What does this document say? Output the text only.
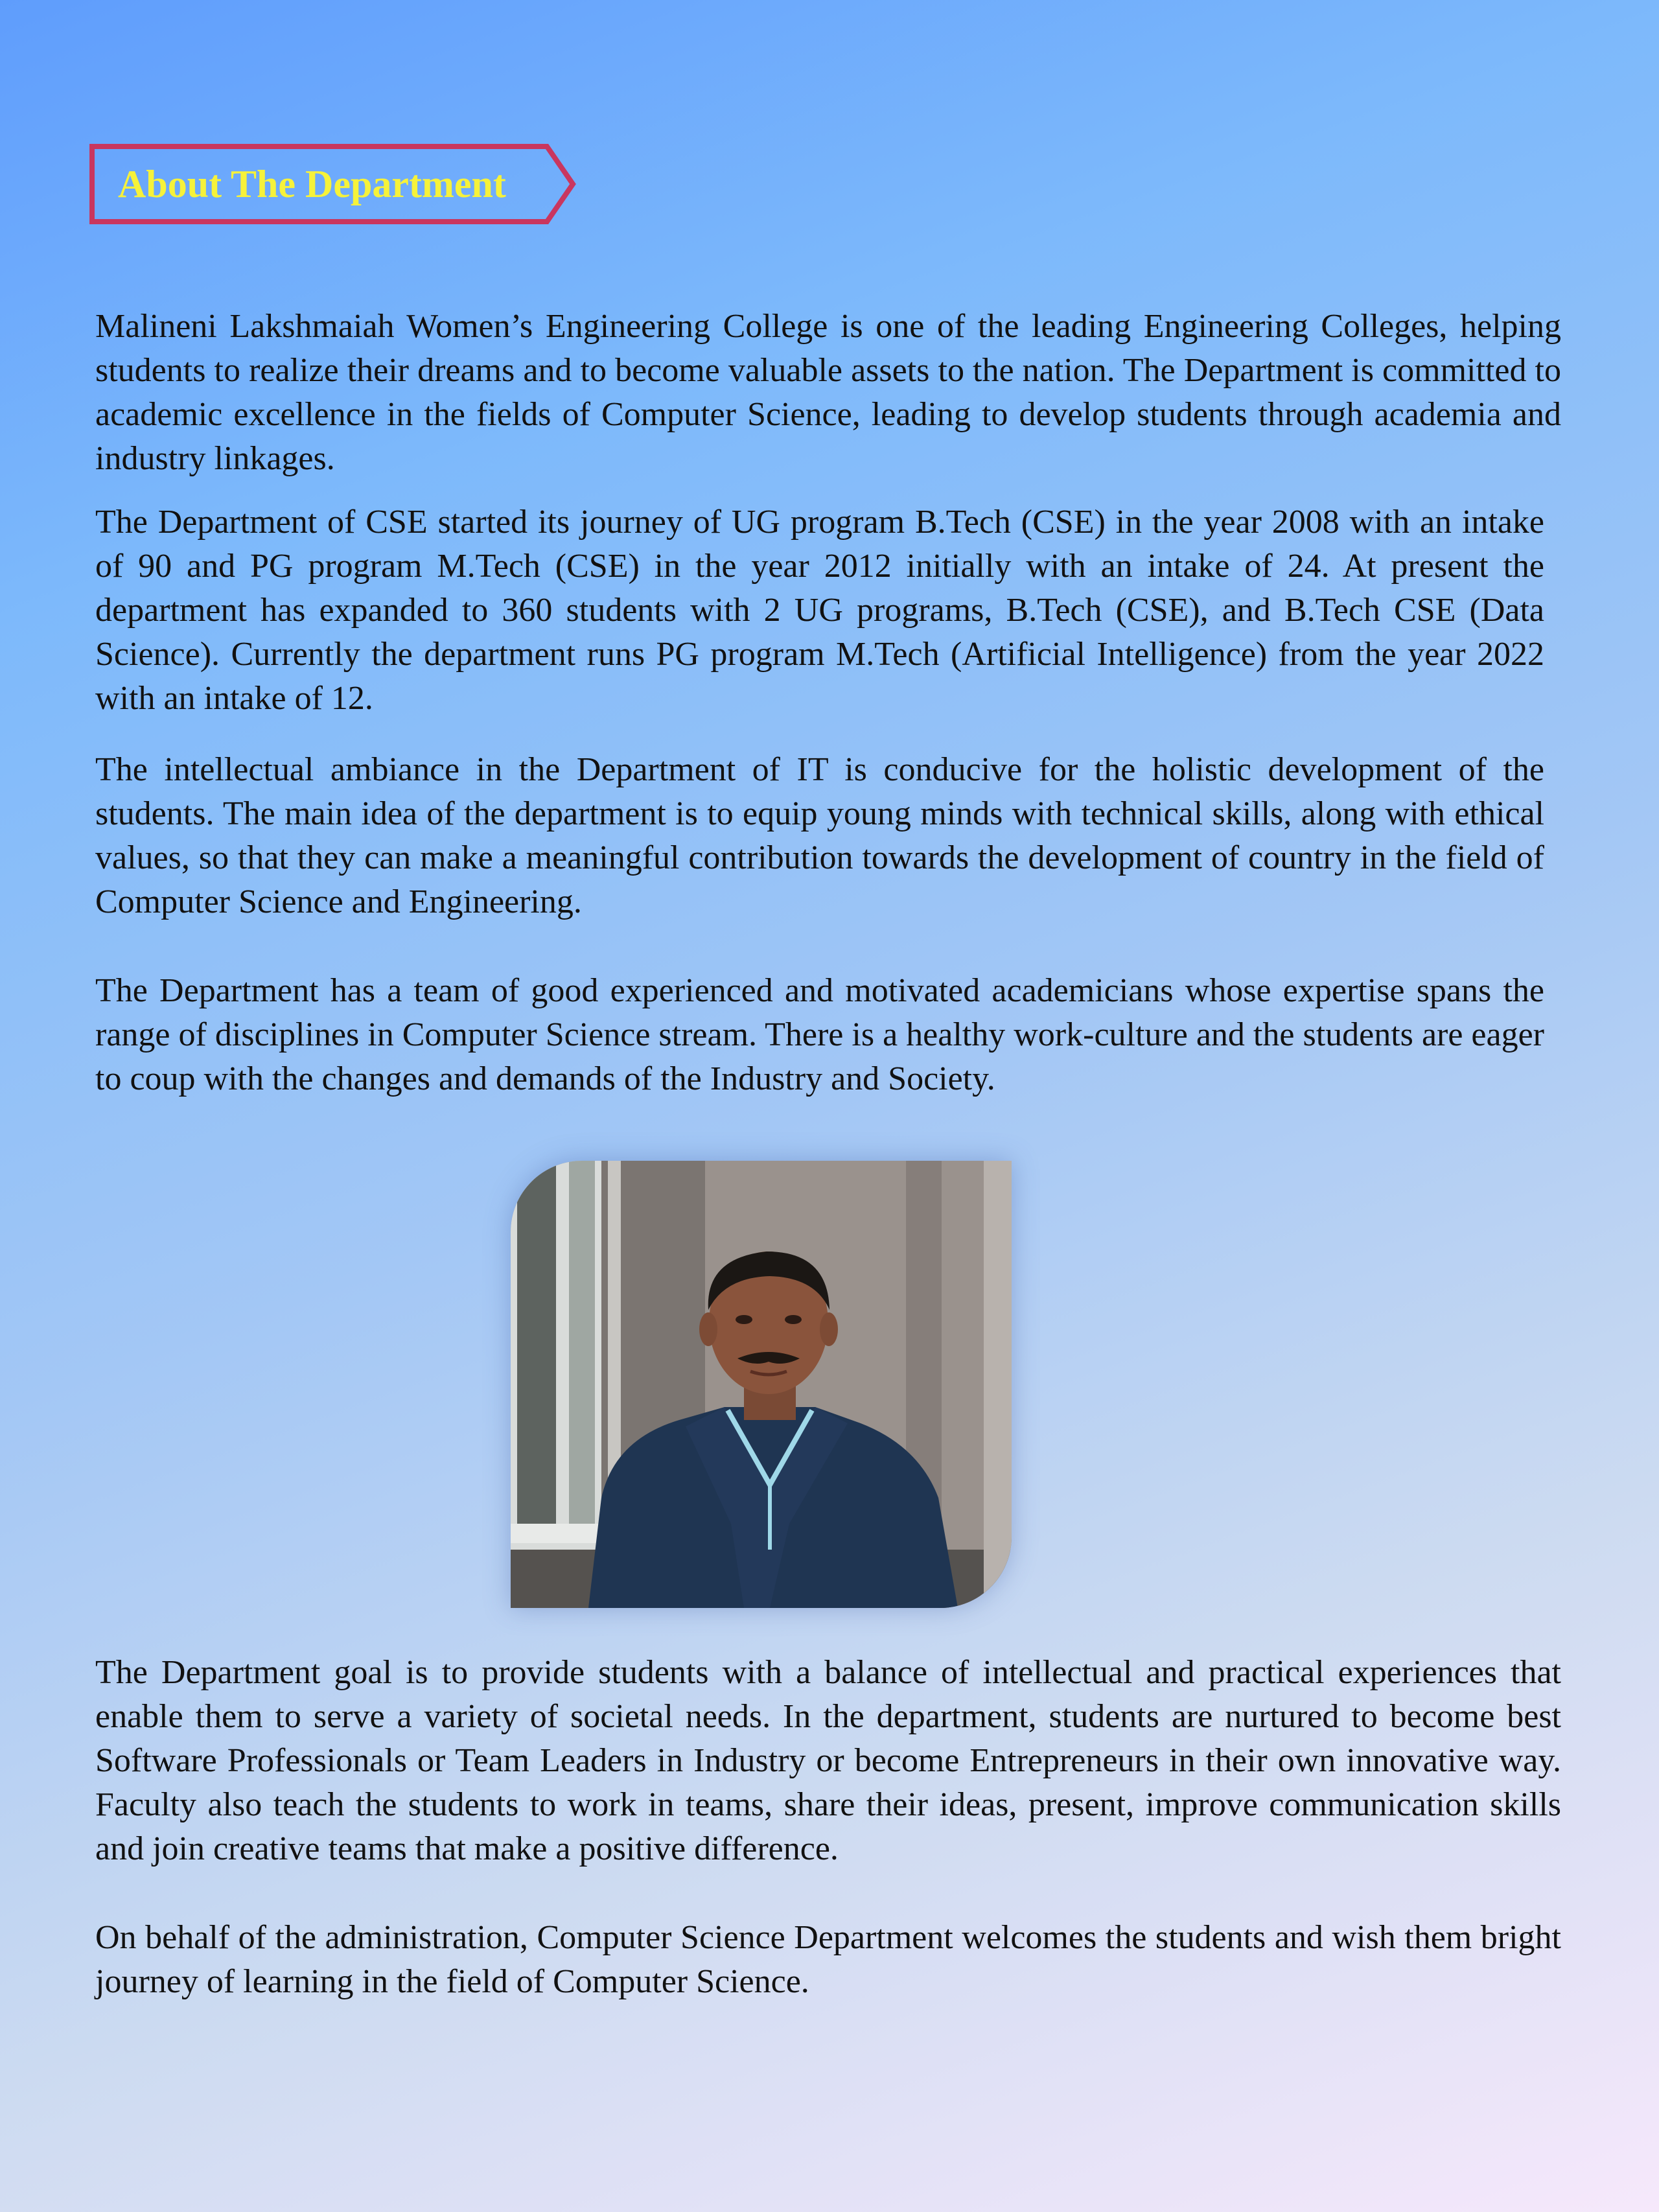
About The Department

Malineni Lakshmaiah Women’s Engineering College is one of the leading Engineering Colleges, helping students to realize their dreams and to become valuable assets to the nation. The Department is committed to academic excellence in the fields of Computer Science, leading to develop students through academia and industry linkages.

The Department of CSE started its journey of UG program B.Tech (CSE) in the year 2008 with an intake of 90 and PG program M.Tech (CSE) in the year 2012 initially with an intake of 24. At present the department has expanded to 360 students with 2 UG programs, B.Tech (CSE), and B.Tech CSE (Data Science). Currently the department runs PG program M.Tech (Artificial Intelligence) from the year 2022 with an intake of 12.

The intellectual ambiance in the Department of IT is conducive for the holistic development of the students. The main idea of the department is to equip young minds with technical skills, along with ethical values, so that they can make a meaningful contribution towards the development of country in the field of Computer Science and Engineering.

The Department has a team of good experienced and motivated academicians whose expertise spans the range of disciplines in Computer Science stream. There is a healthy work-culture and the students are eager to coup with the changes and demands of the Industry and Society.

The Department goal is to provide students with a balance of intellectual and practical experiences that enable them to serve a variety of societal needs. In the department, students are nurtured to become best Software Professionals or Team Leaders in Industry or become Entrepreneurs in their own innovative way. Faculty also teach the students to work in teams, share their ideas, present, improve communication skills and join creative teams that make a positive difference.

On behalf of the administration, Computer Science Department welcomes the students and wish them bright journey of learning in the field of Computer Science.
